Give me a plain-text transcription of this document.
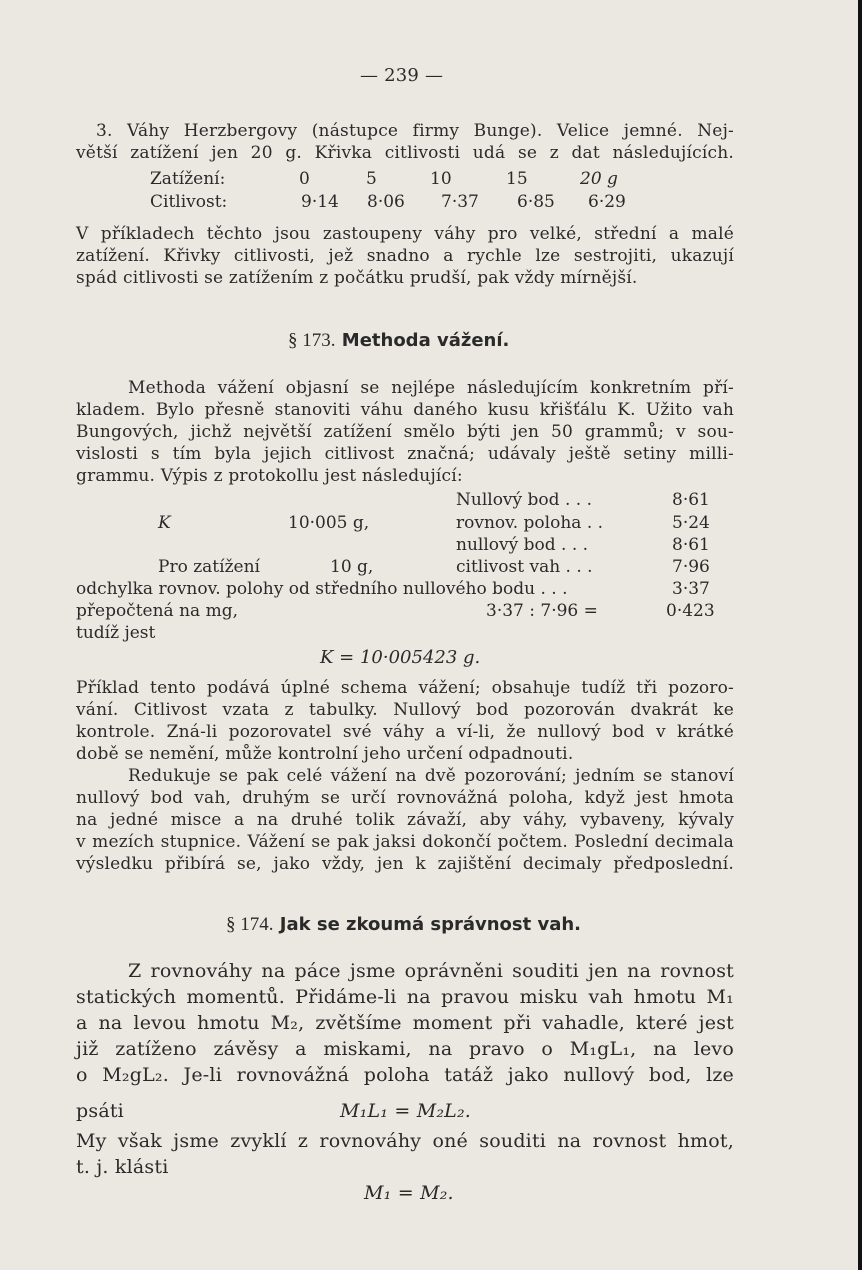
— 239 —
3. Váhy Herzbergovy (nástupce firmy Bunge). Velice jemné. Nej-
větší zatížení jen 20 g. Křivka citlivosti udá se z dat následujících.
Zatížení:	0	5	10	15	20 g
Citlivost:	9·14 8·06 7·37 6·85 6·29
V příkladech těchto jsou zastoupeny váhy pro velké, střední a malé
zatížení. Křivky citlivosti, jež snadno a rychle lze sestrojiti, ukazují
spád citlivosti se zatížením z počátku prudší, pak vždy mírnější.
§ 173. Methoda vážení.
Methoda vážení objasní se nejlépe následujícím konkretním pří-
kladem. Bylo přesně stanoviti váhu daného kusu křišťálu K. Užito vah
Bungových, jichž největší zatížení smělo býti jen 50 grammů; v sou-
vislosti s tím byla jejich citlivost značná; udávaly ještě setiny milli-
grammu. Výpis z protokollu jest následující:
Nullový bod . . .	8·61
K	10·005 g,	rovnov. poloha . .	5·24
nullový bod . . .	8·61
Pro zatížení	10 g,	citlivost vah . . .	7·96
odchylka rovnov. polohy od středního nullového bodu . . .	3·37
přepočtená na mg,	3·37 : 7·96 =	0·423
tudíž jest
K = 10·005423 g.
Příklad tento podává úplné schema vážení; obsahuje tudíž tři pozoro-
vání. Citlivost vzata z tabulky. Nullový bod pozorován dvakrát ke
kontrole. Zná-li pozorovatel své váhy a ví-li, že nullový bod v krátké
době se nemění, může kontrolní jeho určení odpadnouti.
Redukuje se pak celé vážení na dvě pozorování; jedním se stanoví
nullový bod vah, druhým se určí rovnovážná poloha, když jest hmota
na jedné misce a na druhé tolik závaží, aby váhy, vybaveny, kývaly
v mezích stupnice. Vážení se pak jaksi dokončí počtem. Poslední decimala
výsledku přibírá se, jako vždy, jen k zajištění decimaly předposlední.
§ 174. Jak se zkoumá správnost vah.
Z rovnováhy na páce jsme oprávněni souditi jen na rovnost
statických momentů. Přidáme-li na pravou misku vah hmotu M₁
a na levou hmotu M₂, zvětšíme moment při vahadle, které jest
již zatíženo závěsy a miskami, na pravo o M₁gL₁, na levo
o M₂gL₂. Je-li rovnovážná poloha tatáž jako nullový bod, lze
psáti	M₁L₁ = M₂L₂.
My však jsme zvyklí z rovnováhy oné souditi na rovnost hmot,
t. j. klásti
M₁ = M₂.
